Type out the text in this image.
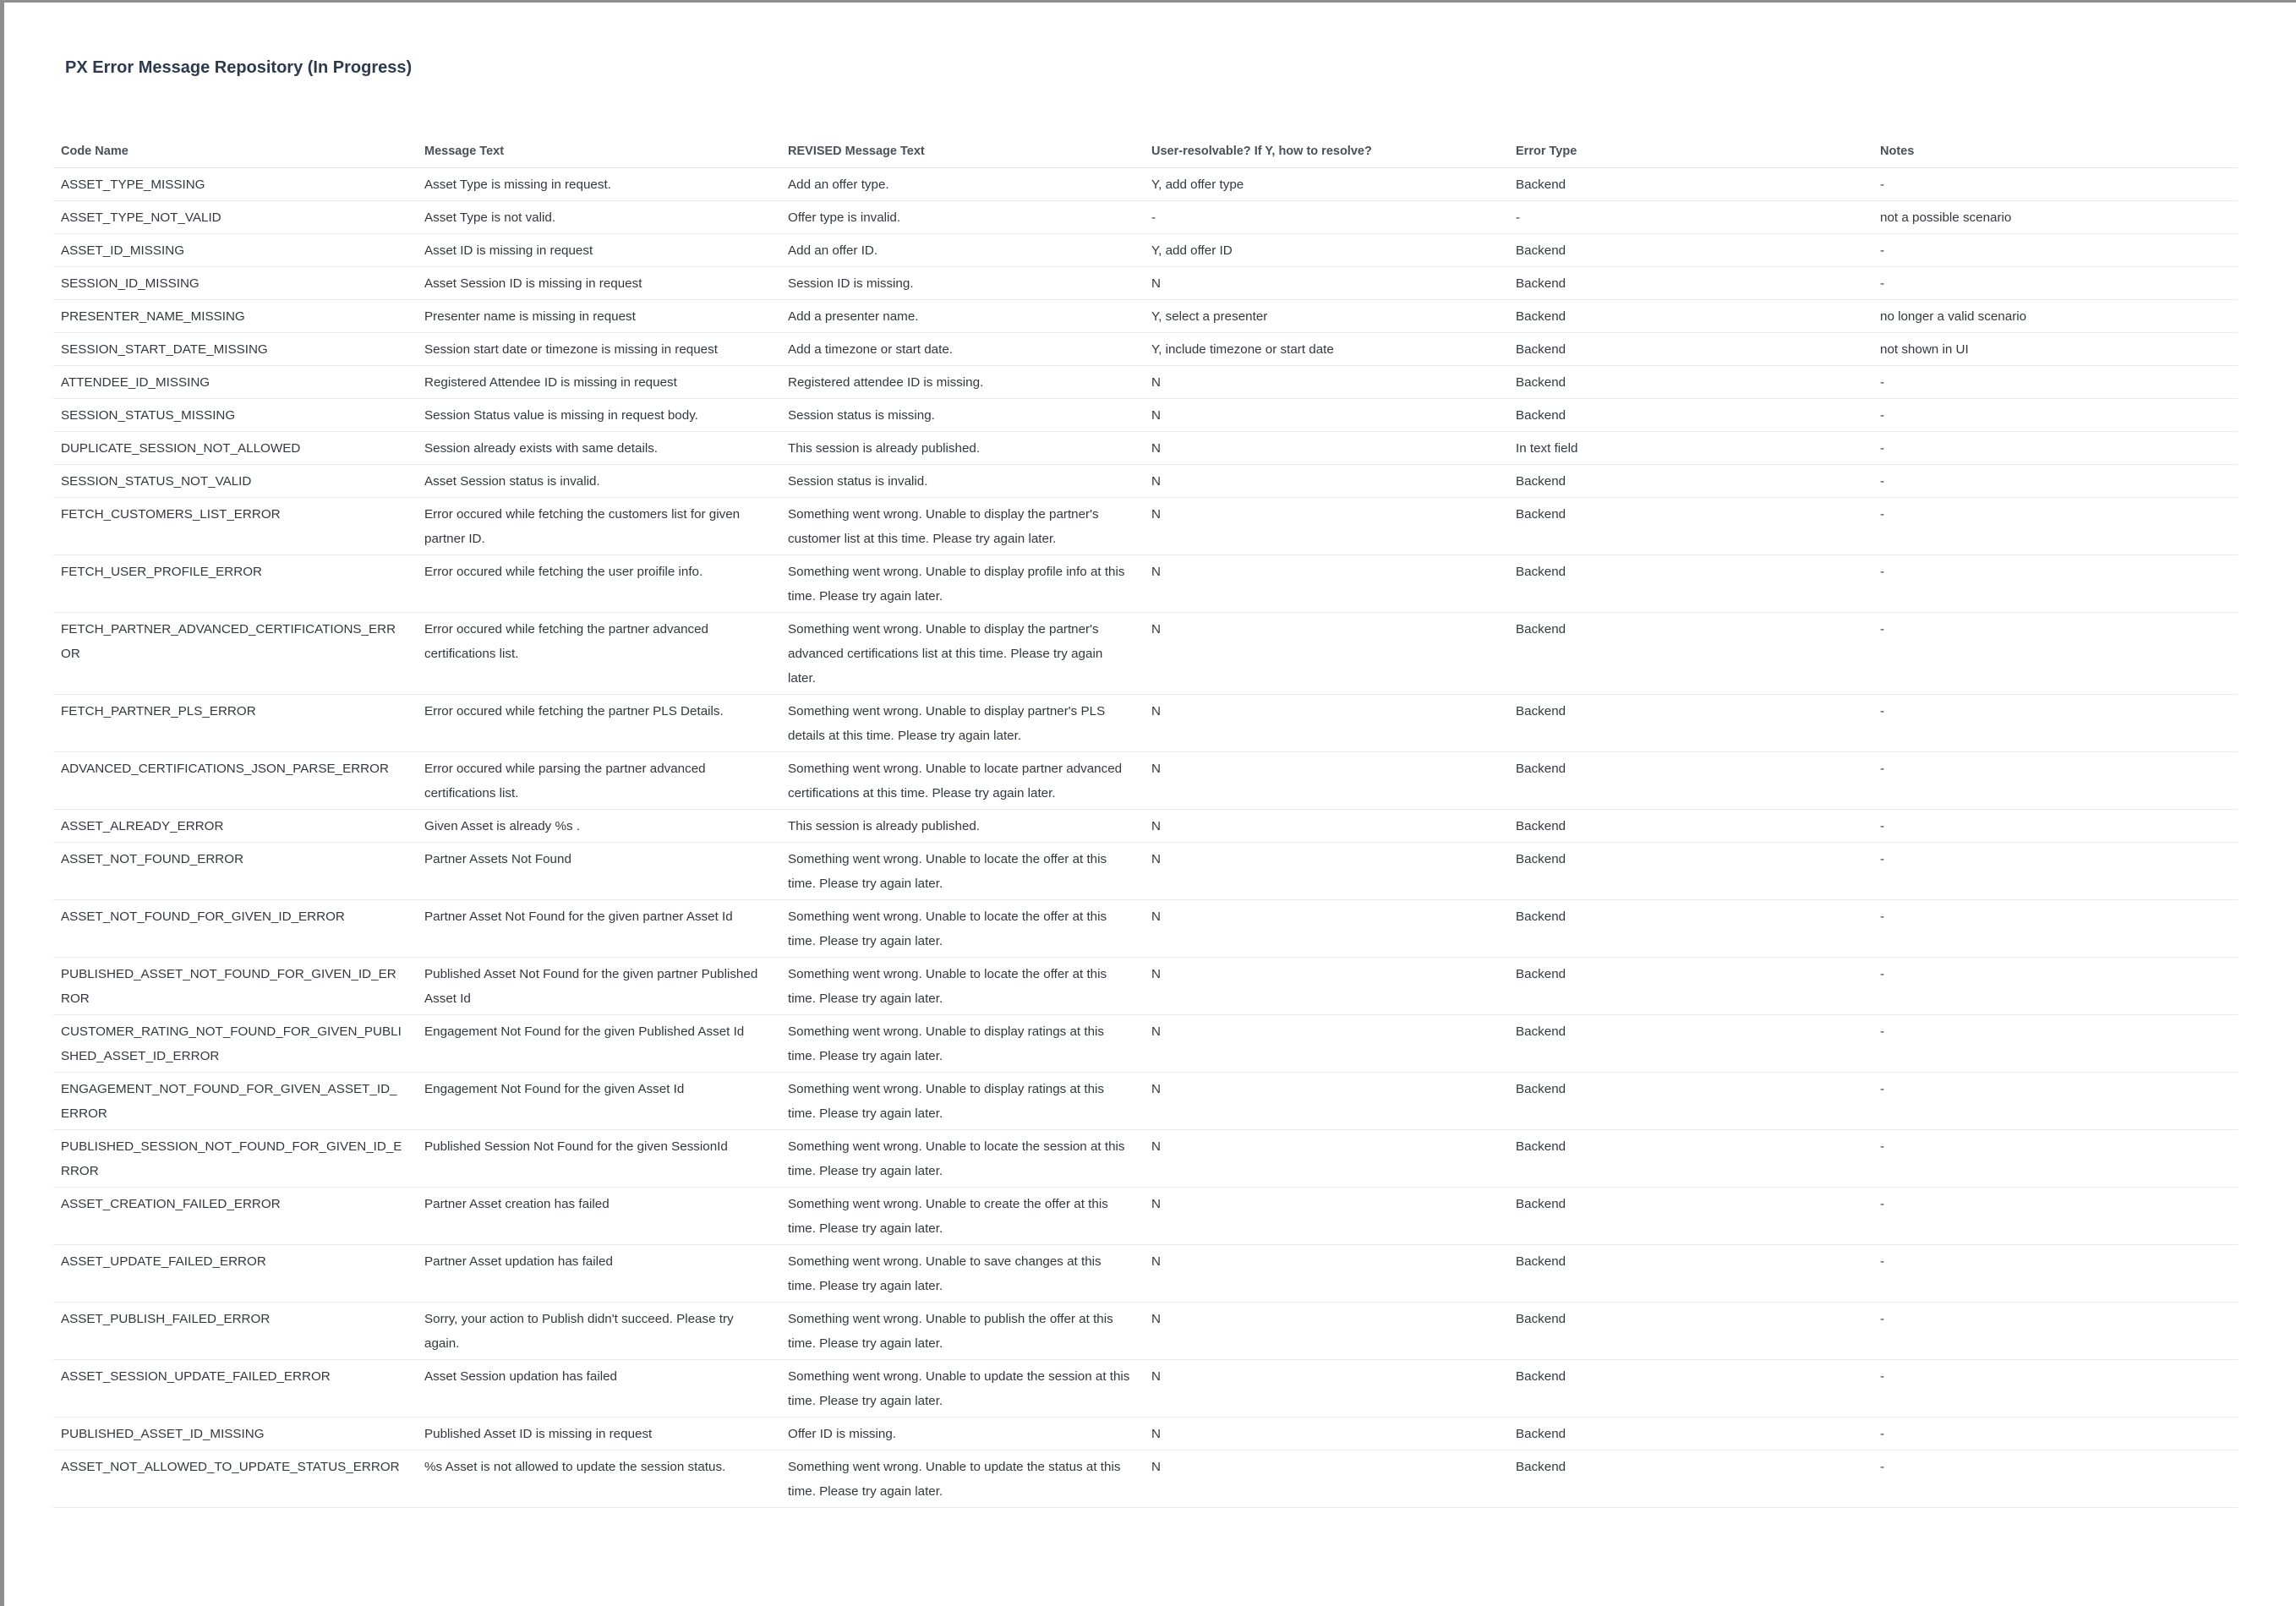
PX Error Message Repository (In Progress)
Code Name	Message Text	REVISED Message Text	User-resolvable? If Y, how to resolve?	Error Type	Notes
ASSET_TYPE_MISSING	Asset Type is missing in request.	Add an offer type.	Y, add offer type	Backend	-
ASSET_TYPE_NOT_VALID	Asset Type is not valid.	Offer type is invalid.	-	-	not a possible scenario
ASSET_ID_MISSING	Asset ID is missing in request	Add an offer ID.	Y, add offer ID	Backend	-
SESSION_ID_MISSING	Asset Session ID is missing in request	Session ID is missing.	N	Backend	-
PRESENTER_NAME_MISSING	Presenter name is missing in request	Add a presenter name.	Y, select a presenter	Backend	no longer a valid scenario
SESSION_START_DATE_MISSING	Session start date or timezone is missing in request	Add a timezone or start date.	Y, include timezone or start date	Backend	not shown in UI
ATTENDEE_ID_MISSING	Registered Attendee ID is missing in request	Registered attendee ID is missing.	N	Backend	-
SESSION_STATUS_MISSING	Session Status value is missing in request body.	Session status is missing.	N	Backend	-
DUPLICATE_SESSION_NOT_ALLOWED	Session already exists with same details.	This session is already published.	N	In text field	-
SESSION_STATUS_NOT_VALID	Asset Session status is invalid.	Session status is invalid.	N	Backend	-
FETCH_CUSTOMERS_LIST_ERROR	Error occured while fetching the customers list for given partner ID.	Something went wrong. Unable to display the partner's customer list at this time. Please try again later.	N	Backend	-
FETCH_USER_PROFILE_ERROR	Error occured while fetching the user proifile info.	Something went wrong. Unable to display profile info at this time. Please try again later.	N	Backend	-
FETCH_PARTNER_ADVANCED_CERTIFICATIONS_ERROR	Error occured while fetching the partner advanced certifications list.	Something went wrong. Unable to display the partner's advanced certifications list at this time. Please try again later.	N	Backend	-
FETCH_PARTNER_PLS_ERROR	Error occured while fetching the partner PLS Details.	Something went wrong. Unable to display partner's PLS details at this time. Please try again later.	N	Backend	-
ADVANCED_CERTIFICATIONS_JSON_PARSE_ERROR	Error occured while parsing the partner advanced certifications list.	Something went wrong. Unable to locate partner advanced certifications at this time. Please try again later.	N	Backend	-
ASSET_ALREADY_ERROR	Given Asset is already %s .	This session is already published.	N	Backend	-
ASSET_NOT_FOUND_ERROR	Partner Assets Not Found	Something went wrong. Unable to locate the offer at this time. Please try again later.	N	Backend	-
ASSET_NOT_FOUND_FOR_GIVEN_ID_ERROR	Partner Asset Not Found for the given partner Asset Id	Something went wrong. Unable to locate the offer at this time. Please try again later.	N	Backend	-
PUBLISHED_ASSET_NOT_FOUND_FOR_GIVEN_ID_ERROR	Published Asset Not Found for the given partner Published Asset Id	Something went wrong. Unable to locate the offer at this time. Please try again later.	N	Backend	-
CUSTOMER_RATING_NOT_FOUND_FOR_GIVEN_PUBLISHED_ASSET_ID_ERROR	Engagement Not Found for the given Published Asset Id	Something went wrong. Unable to display ratings at this time. Please try again later.	N	Backend	-
ENGAGEMENT_NOT_FOUND_FOR_GIVEN_ASSET_ID_ERROR	Engagement Not Found for the given Asset Id	Something went wrong. Unable to display ratings at this time. Please try again later.	N	Backend	-
PUBLISHED_SESSION_NOT_FOUND_FOR_GIVEN_ID_ERROR	Published Session Not Found for the given SessionId	Something went wrong. Unable to locate the session at this time. Please try again later.	N	Backend	-
ASSET_CREATION_FAILED_ERROR	Partner Asset creation has failed	Something went wrong. Unable to create the offer at this time. Please try again later.	N	Backend	-
ASSET_UPDATE_FAILED_ERROR	Partner Asset updation has failed	Something went wrong. Unable to save changes at this time. Please try again later.	N	Backend	-
ASSET_PUBLISH_FAILED_ERROR	Sorry, your action to Publish didn't succeed. Please try again.	Something went wrong. Unable to publish the offer at this time. Please try again later.	N	Backend	-
ASSET_SESSION_UPDATE_FAILED_ERROR	Asset Session updation has failed	Something went wrong. Unable to update the session at this time. Please try again later.	N	Backend	-
PUBLISHED_ASSET_ID_MISSING	Published Asset ID is missing in request	Offer ID is missing.	N	Backend	-
ASSET_NOT_ALLOWED_TO_UPDATE_STATUS_ERROR	%s Asset is not allowed to update the session status.	Something went wrong. Unable to update the status at this time. Please try again later.	N	Backend	-
